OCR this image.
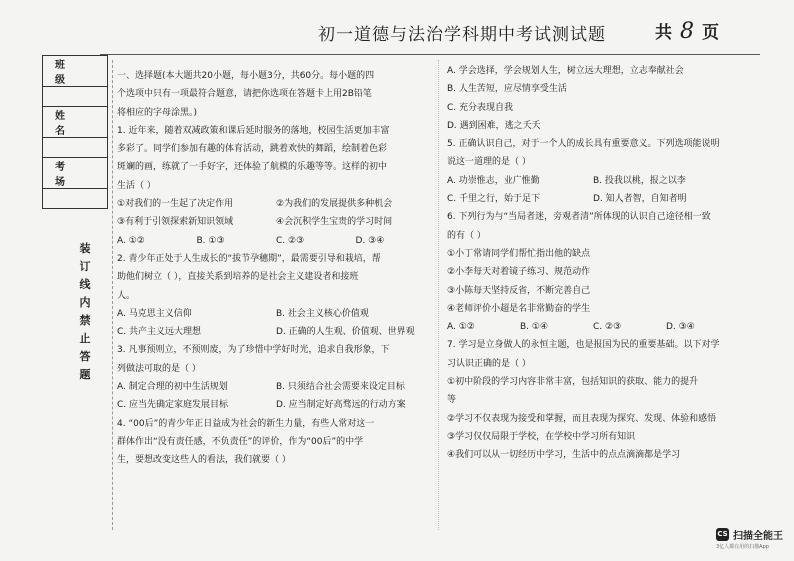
初一道德与法治学科期中考试测试题	共 8 页
班 级

姓 名

考 场

装
订
线
内
禁
止
答
题
一、选择题(本大题共20小题，每小题3分，共60分。每小题的四
个选项中只有一项最符合题意，请把你选项在答题卡上用2B铅笔
将相应的字母涂黑。)
1. 近年来，随着双减政策和课后延时服务的落地，校园生活更加丰富
多彩了。同学们参加有趣的体育活动，跳着欢快的舞蹈，绘制着色彩
斑斓的画，练就了一手好字，还体验了航模的乐趣等等。这样的初中
生活（ ）
①对我们的一生起了决定作用	②为我们的发展提供多种机会
③有利于引领探索新知识领域	④会沉积学生宝贵的学习时间
A. ①②	B. ①③	C. ②③	D. ③④
2. 青少年正处于人生成长的“拔节孕穗期”，最需要引导和栽培，帮
助他们树立（ ），直接关系到培养的是社会主义建设者和接班
人。
A. 马克思主义信仰	B. 社会主义核心价值观
C. 共产主义远大理想	D. 正确的人生观、价值观、世界观
3. 凡事预则立，不预则废，为了珍惜中学好时光，追求自我形象，下
列做法可取的是（ ）
A. 制定合理的初中生活规划	B. 只须结合社会需要来设定目标
C. 应当先确定家庭发展目标	D. 应当制定好高骛远的行动方案
4. “00后”的青少年正日益成为社会的新生力量，有些人常对这一
群体作出“没有责任感，不负责任”的评价，作为“00后”的中学
生，要想改变这些人的看法，我们就要（ ）
A. 学会选择，学会规划人生，树立远大理想，立志奉献社会
B. 人生苦短，应尽情享受生活
C. 充分表现自我
D. 遇到困难，逃之夭夭
5. 正确认识自己，对于一个人的成长具有重要意义。下列选项能说明
说这一道理的是（ ）
A. 功崇惟志，业广惟勤	B. 投我以桃，报之以李
C. 千里之行，始于足下	D. 知人者智，自知者明
6. 下列行为与“当局者迷，旁观者清”所体现的认识自己途径相一致
的有（ ）
①小丁常请同学们帮忙指出他的缺点
②小李每天对着镜子练习、规范动作
③小陈每天坚持反省，不断完善自己
④老师评价小超是名非常勤奋的学生
A. ①②	B. ①④	C. ②③	D. ③④
7. 学习是立身做人的永恒主题，也是报国为民的重要基础。以下对学
习认识正确的是（ ）
①初中阶段的学习内容非常丰富，包括知识的获取、能力的提升
等
②学习不仅表现为接受和掌握，而且表现为探究、发现、体验和感悟
③学习仅仅局限于学校，在学校中学习所有知识
④我们可以从一切经历中学习，生活中的点点滴滴都是学习
CS 扫描全能王
3亿人都在用的扫描App
